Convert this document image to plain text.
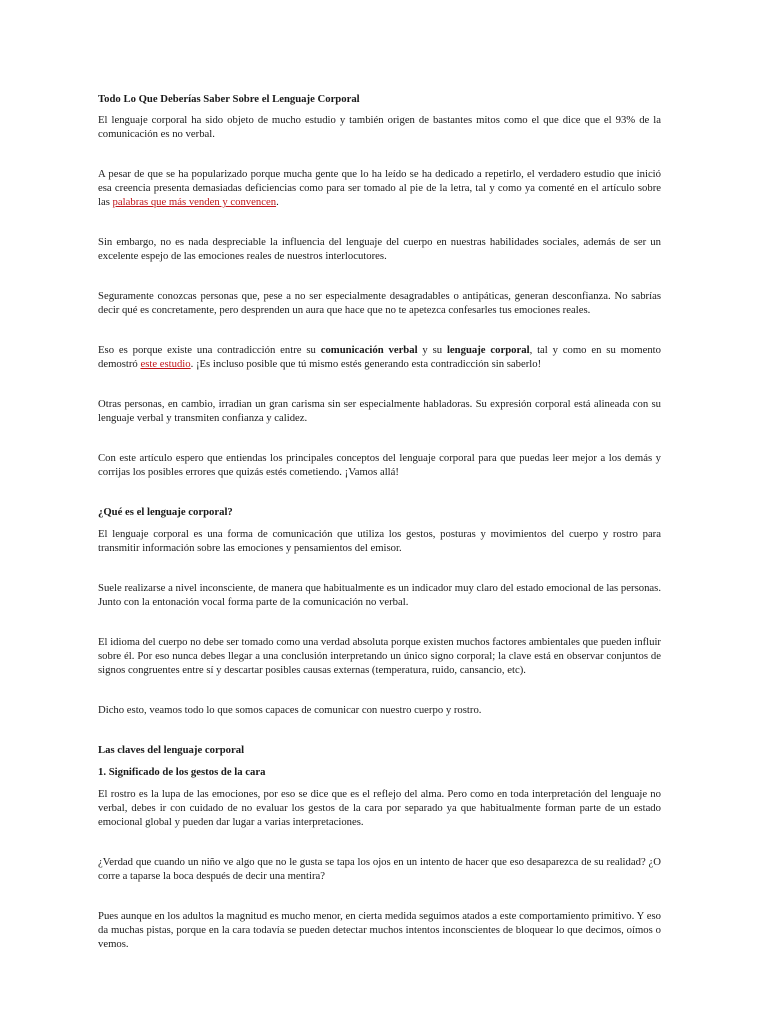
Todo Lo Que Deberías Saber Sobre el Lenguaje Corporal

El lenguaje corporal ha sido objeto de mucho estudio y también origen de bastantes mitos como el que dice que el 93% de la comunicación es no verbal.

A pesar de que se ha popularizado porque mucha gente que lo ha leído se ha dedicado a repetirlo, el verdadero estudio que inició esa creencia presenta demasiadas deficiencias como para ser tomado al pie de la letra, tal y como ya comenté en el artículo sobre las palabras que más venden y convencen.

Sin embargo, no es nada despreciable la influencia del lenguaje del cuerpo en nuestras habilidades sociales, además de ser un excelente espejo de las emociones reales de nuestros interlocutores.

Seguramente conozcas personas que, pese a no ser especialmente desagradables o antipáticas, generan desconfianza. No sabrías decir qué es concretamente, pero desprenden un aura que hace que no te apetezca confesarles tus emociones reales.

Eso es porque existe una contradicción entre su comunicación verbal y su lenguaje corporal, tal y como en su momento demostró este estudio. ¡Es incluso posible que tú mismo estés generando esta contradicción sin saberlo!

Otras personas, en cambio, irradian un gran carisma sin ser especialmente habladoras. Su expresión corporal está alineada con su lenguaje verbal y transmiten confianza y calidez.

Con este artículo espero que entiendas los principales conceptos del lenguaje corporal para que puedas leer mejor a los demás y corrijas los posibles errores que quizás estés cometiendo. ¡Vamos allá!

¿Qué es el lenguaje corporal?

El lenguaje corporal es una forma de comunicación que utiliza los gestos, posturas y movimientos del cuerpo y rostro para transmitir información sobre las emociones y pensamientos del emisor.

Suele realizarse a nivel inconsciente, de manera que habitualmente es un indicador muy claro del estado emocional de las personas. Junto con la entonación vocal forma parte de la comunicación no verbal.

El idioma del cuerpo no debe ser tomado como una verdad absoluta porque existen muchos factores ambientales que pueden influir sobre él. Por eso nunca debes llegar a una conclusión interpretando un único signo corporal; la clave está en observar conjuntos de signos congruentes entre sí y descartar posibles causas externas (temperatura, ruido, cansancio, etc).

Dicho esto, veamos todo lo que somos capaces de comunicar con nuestro cuerpo y rostro.

Las claves del lenguaje corporal

1. Significado de los gestos de la cara

El rostro es la lupa de las emociones, por eso se dice que es el reflejo del alma. Pero como en toda interpretación del lenguaje no verbal, debes ir con cuidado de no evaluar los gestos de la cara por separado ya que habitualmente forman parte de un estado emocional global y pueden dar lugar a varias interpretaciones.

¿Verdad que cuando un niño ve algo que no le gusta se tapa los ojos en un intento de hacer que eso desaparezca de su realidad? ¿O corre a taparse la boca después de decir una mentira?

Pues aunque en los adultos la magnitud es mucho menor, en cierta medida seguimos atados a este comportamiento primitivo. Y eso da muchas pistas, porque en la cara todavía se pueden detectar muchos intentos inconscientes de bloquear lo que decimos, oímos o vemos.
